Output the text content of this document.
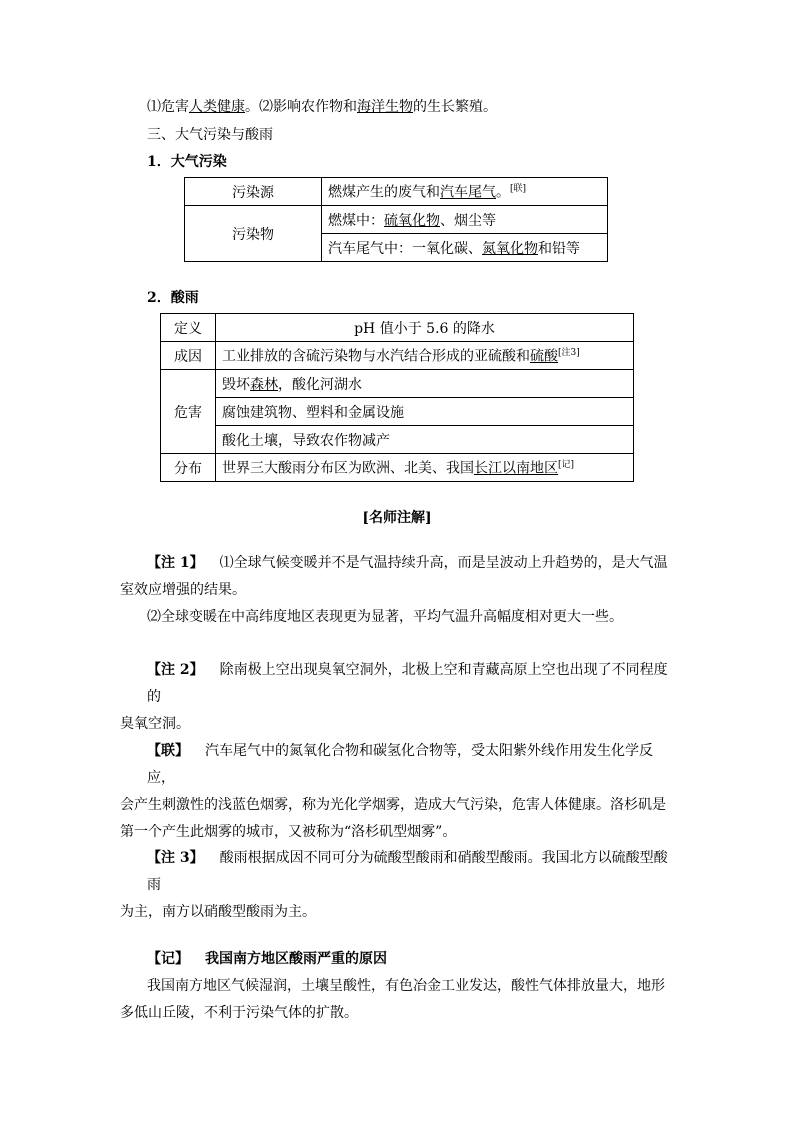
⑴危害人类健康。⑵影响农作物和海洋生物的生长繁殖。
三、大气污染与酸雨
1．大气污染
污染源	燃煤产生的废气和汽车尾气。[联]
污染物	燃煤中：硫氧化物、烟尘等
	汽车尾气中：一氧化碳、氮氧化物和铅等
2．酸雨
定义	pH 值小于 5.6 的降水
成因	工业排放的含硫污染物与水汽结合形成的亚硫酸和硫酸[注3]
危害	毁坏森林，酸化河湖水
	腐蚀建筑物、塑料和金属设施
	酸化土壤，导致农作物减产
分布	世界三大酸雨分布区为欧洲、北美、我国长江以南地区[记]
[名师注解]

【注 1】 ⑴全球气候变暖并不是气温持续升高，而是呈波动上升趋势的，是大气温

室效应增强的结果。

⑵全球变暖在中高纬度地区表现更为显著，平均气温升高幅度相对更大一些。

【注 2】 除南极上空出现臭氧空洞外，北极上空和青藏高原上空也出现了不同程度的

臭氧空洞。

【联】 汽车尾气中的氮氧化合物和碳氢化合物等，受太阳紫外线作用发生化学反应，

会产生刺激性的浅蓝色烟雾，称为光化学烟雾，造成大气污染，危害人体健康。洛杉矶是

第一个产生此烟雾的城市，又被称为“洛杉矶型烟雾”。

【注 3】 酸雨根据成因不同可分为硫酸型酸雨和硝酸型酸雨。我国北方以硫酸型酸雨

为主，南方以硝酸型酸雨为主。

【记】 我国南方地区酸雨严重的原因

我国南方地区气候湿润，土壤呈酸性，有色冶金工业发达，酸性气体排放量大，地形

多低山丘陵，不利于污染气体的扩散。
